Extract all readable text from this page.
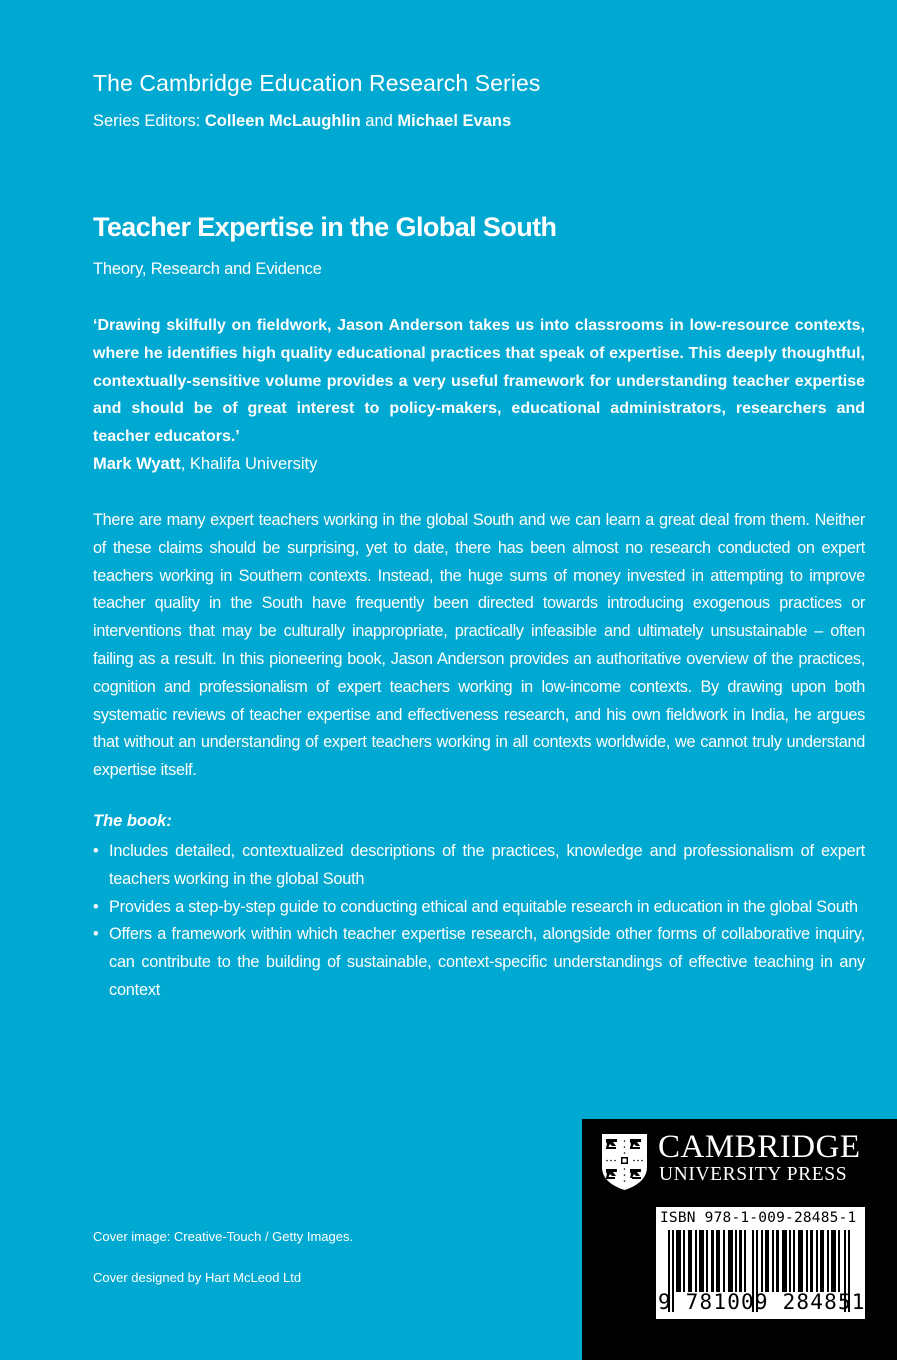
The Cambridge Education Research Series
Series Editors: Colleen McLaughlin and Michael Evans
Teacher Expertise in the Global South
Theory, Research and Evidence
‘Drawing skilfully on fieldwork, Jason Anderson takes us into classrooms in low-resource contexts, where he identifies high quality educational practices that speak of expertise. This deeply thoughtful, contextually-sensitive volume provides a very useful framework for understanding teacher expertise and should be of great interest to policy-makers, educational administrators, researchers and teacher educators.’
Mark Wyatt, Khalifa University
There are many expert teachers working in the global South and we can learn a great deal from them. Neither of these claims should be surprising, yet to date, there has been almost no research conducted on expert teachers working in Southern contexts. Instead, the huge sums of money invested in attempting to improve teacher quality in the South have frequently been directed towards introducing exogenous practices or interventions that may be culturally inappropriate, practically infeasible and ultimately unsustainable – often failing as a result. In this pioneering book, Jason Anderson provides an authoritative overview of the practices, cognition and professionalism of expert teachers working in low-income contexts. By drawing upon both systematic reviews of teacher expertise and effectiveness research, and his own fieldwork in India, he argues that without an understanding of expert teachers working in all contexts worldwide, we cannot truly understand expertise itself.
The book:
• Includes detailed, contextualized descriptions of the practices, knowledge and professionalism of expert teachers working in the global South
• Provides a step-by-step guide to conducting ethical and equitable research in education in the global South
• Offers a framework within which teacher expertise research, alongside other forms of collaborative inquiry, can contribute to the building of sustainable, context-specific understandings of effective teaching in any context
Cover image: Creative-Touch / Getty Images.
Cover designed by Hart McLeod Ltd
CAMBRIDGE
UNIVERSITY PRESS
ISBN 978-1-009-28485-1
9 781009 284851 >
